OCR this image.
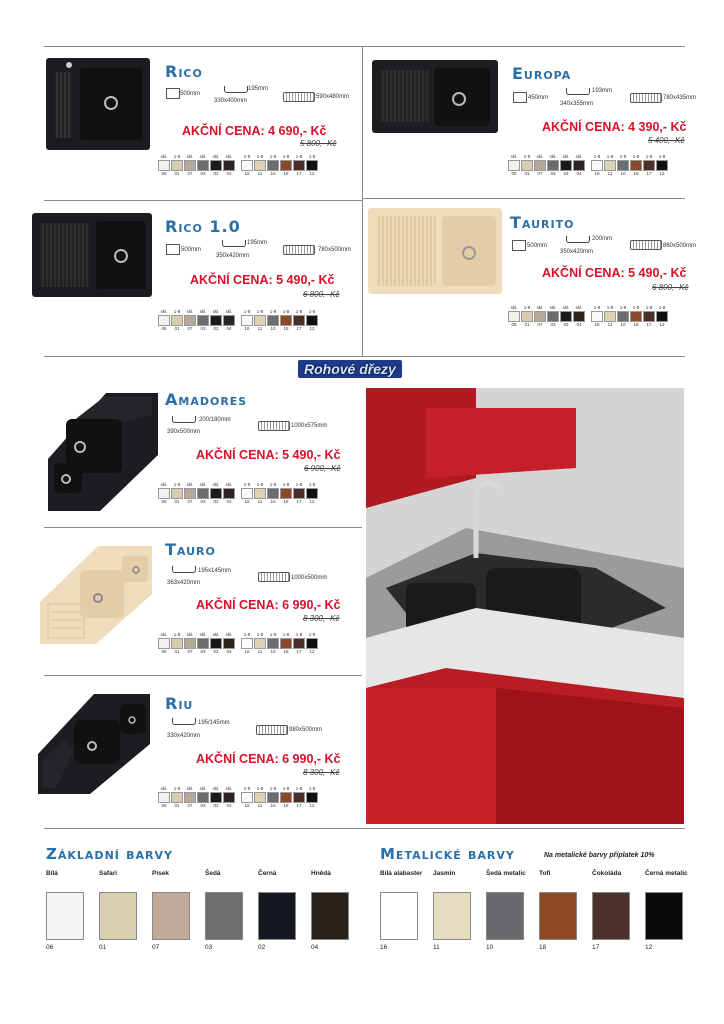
Rico
500mm
195mm
330x400mm
590x480mm
AKČNÍ CENA: 4 690,- Kč
5 800,- Kč
skl.
06
1-8
01
skl.
07
skl.
03
skl.
02
skl.
04
1-8
16
1-8
11
1-8
10
1-8
18
1-8
17
1-8
12
Europa
450mm
193mm
340x355mm
780x435mm
AKČNÍ CENA: 4 390,- Kč
5 400,- Kč
skl.
06
1-8
01
skl.
07
skl.
03
skl.
02
skl.
04
1-8
16
1-8
11
1-8
10
1-8
18
1-8
17
1-8
12
Rico 1.0
500mm
195mm
350x420mm
780x500mm
AKČNÍ CENA: 5 490,- Kč
6 800,- Kč
skl.
06
1-8
01
skl.
07
skl.
03
skl.
02
skl.
04
1-8
16
1-8
11
1-8
10
1-8
18
1-8
17
1-8
12
Taurito
500mm
200mm
350x420mm
860x500mm
AKČNÍ CENA: 5 490,- Kč
6 800,- Kč
skl.
06
1-8
01
skl.
07
skl.
03
skl.
02
skl.
04
1-8
16
1-8
11
1-8
10
1-8
18
1-8
17
1-8
12
Rohové dřezy
Amadores
200/180mm
390x500mm
1000x575mm
AKČNÍ CENA: 5 490,- Kč
6 900,- Kč
skl.
06
1-8
01
skl.
07
skl.
03
skl.
02
skl.
04
1-8
16
1-8
11
1-8
10
1-8
18
1-8
17
1-8
12
Tauro
195x145mm
363x420mm
1000x500mm
AKČNÍ CENA: 6 990,- Kč
8 300,- Kč
skl.
06
1-8
01
skl.
07
skl.
03
skl.
02
skl.
04
1-8
16
1-8
11
1-8
10
1-8
18
1-8
17
1-8
12
Riu
195/145mm
330x420mm
980x500mm
AKČNÍ CENA: 6 990,- Kč
8 300,- Kč
skl.
06
1-8
01
skl.
07
skl.
03
skl.
02
skl.
04
1-8
16
1-8
11
1-8
10
1-8
18
1-8
17
1-8
12
Základní barvy
Bílá
06
Safari
01
Písek
07
Šedá
03
Černá
02
Hnědá
04
Metalické barvy	Na metalické barvy příplatek 10%
Bílá alabaster
16
Jasmín
11
Šedá metalic
10
Tofi
18
Čokoláda
17
Černá metalic
12
